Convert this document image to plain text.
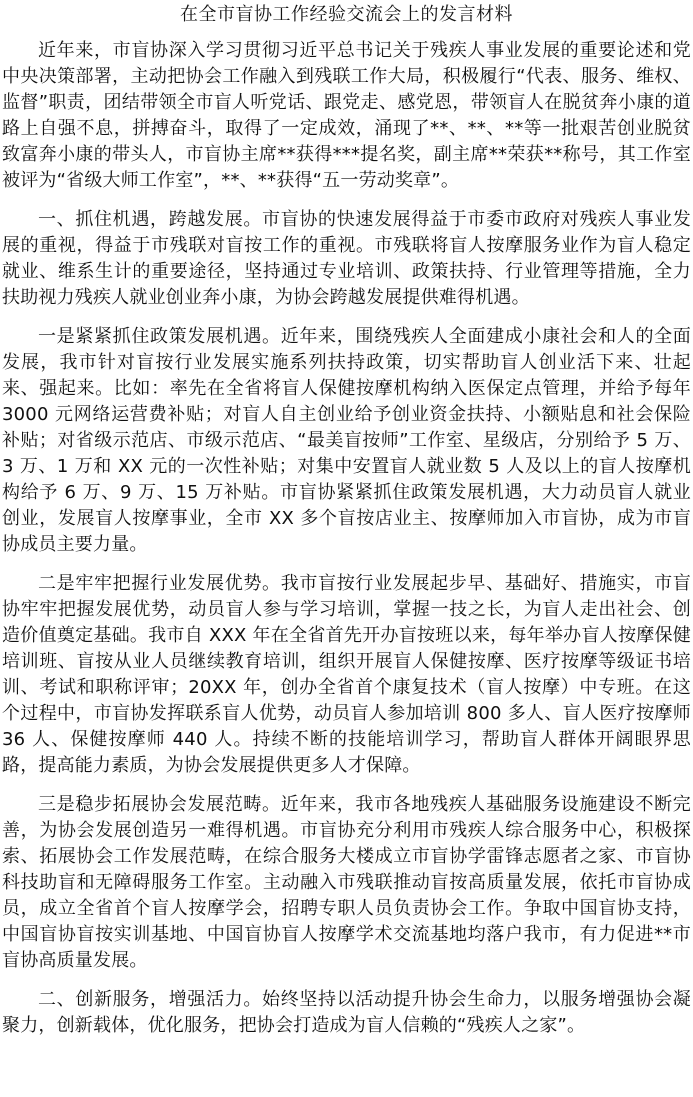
在全市盲协工作经验交流会上的发言材料

近年来，市盲协深入学习贯彻习近平总书记关于残疾人事业发展的重要论述和党中央决策部署，主动把协会工作融入到残联工作大局，积极履行“代表、服务、维权、监督”职责，团结带领全市盲人听党话、跟党走、感党恩，带领盲人在脱贫奔小康的道路上自强不息，拼搏奋斗，取得了一定成效，涌现了**、**、**等一批艰苦创业脱贫致富奔小康的带头人，市盲协主席**获得***提名奖，副主席**荣获**称号，其工作室被评为“省级大师工作室”，**、**获得“五一劳动奖章”。

一、抓住机遇，跨越发展。市盲协的快速发展得益于市委市政府对残疾人事业发展的重视，得益于市残联对盲按工作的重视。市残联将盲人按摩服务业作为盲人稳定就业、维系生计的重要途径，坚持通过专业培训、政策扶持、行业管理等措施，全力扶助视力残疾人就业创业奔小康，为协会跨越发展提供难得机遇。

一是紧紧抓住政策发展机遇。近年来，围绕残疾人全面建成小康社会和人的全面发展，我市针对盲按行业发展实施系列扶持政策，切实帮助盲人创业活下来、壮起来、强起来。比如：率先在全省将盲人保健按摩机构纳入医保定点管理，并给予每年 3000 元网络运营费补贴；对盲人自主创业给予创业资金扶持、小额贴息和社会保险补贴；对省级示范店、市级示范店、“最美盲按师”工作室、星级店，分别给予 5 万、3 万、1 万和 XX 元的一次性补贴；对集中安置盲人就业数 5 人及以上的盲人按摩机构给予 6 万、9 万、15 万补贴。市盲协紧紧抓住政策发展机遇，大力动员盲人就业创业，发展盲人按摩事业，全市 XX 多个盲按店业主、按摩师加入市盲协，成为市盲协成员主要力量。

二是牢牢把握行业发展优势。我市盲按行业发展起步早、基础好、措施实，市盲协牢牢把握发展优势，动员盲人参与学习培训，掌握一技之长，为盲人走出社会、创造价值奠定基础。我市自 XXX 年在全省首先开办盲按班以来，每年举办盲人按摩保健培训班、盲按从业人员继续教育培训，组织开展盲人保健按摩、医疗按摩等级证书培训、考试和职称评审；20XX 年，创办全省首个康复技术（盲人按摩）中专班。在这个过程中，市盲协发挥联系盲人优势，动员盲人参加培训 800 多人、盲人医疗按摩师 36 人、保健按摩师 440 人。持续不断的技能培训学习，帮助盲人群体开阔眼界思路，提高能力素质，为协会发展提供更多人才保障。

三是稳步拓展协会发展范畴。近年来，我市各地残疾人基础服务设施建设不断完善，为协会发展创造另一难得机遇。市盲协充分利用市残疾人综合服务中心，积极探索、拓展协会工作发展范畴，在综合服务大楼成立市盲协学雷锋志愿者之家、市盲协科技助盲和无障碍服务工作室。主动融入市残联推动盲按高质量发展，依托市盲协成员，成立全省首个盲人按摩学会，招聘专职人员负责协会工作。争取中国盲协支持，中国盲协盲按实训基地、中国盲协盲人按摩学术交流基地均落户我市，有力促进**市盲协高质量发展。

二、创新服务，增强活力。始终坚持以活动提升协会生命力，以服务增强协会凝聚力，创新载体，优化服务，把协会打造成为盲人信赖的“残疾人之家”。
